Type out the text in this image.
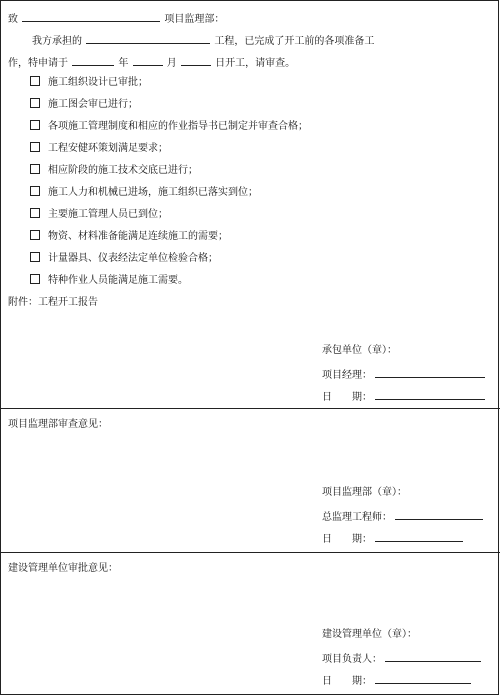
致	项目监理部：
我方承担的	工程，已完成了开工前的各项准备工
作，特申请于	年	月	日开工，请审查。
施工组织设计已审批；
施工图会审已进行；
各项施工管理制度和相应的作业指导书已制定并审查合格；
工程安健环策划满足要求；
相应阶段的施工技术交底已进行；
施工人力和机械已进场，施工组织已落实到位；
主要施工管理人员已到位；
物资、材料准备能满足连续施工的需要；
计量器具、仪表经法定单位检验合格；
特种作业人员能满足施工需要。
附件：工程开工报告
承包单位（章）：
项目经理：
日　　期：
项目监理部审查意见：
项目监理部（章）：
总监理工程师：
日　　期：
建设管理单位审批意见：
建设管理单位（章）：
项目负责人：
日　　期：
